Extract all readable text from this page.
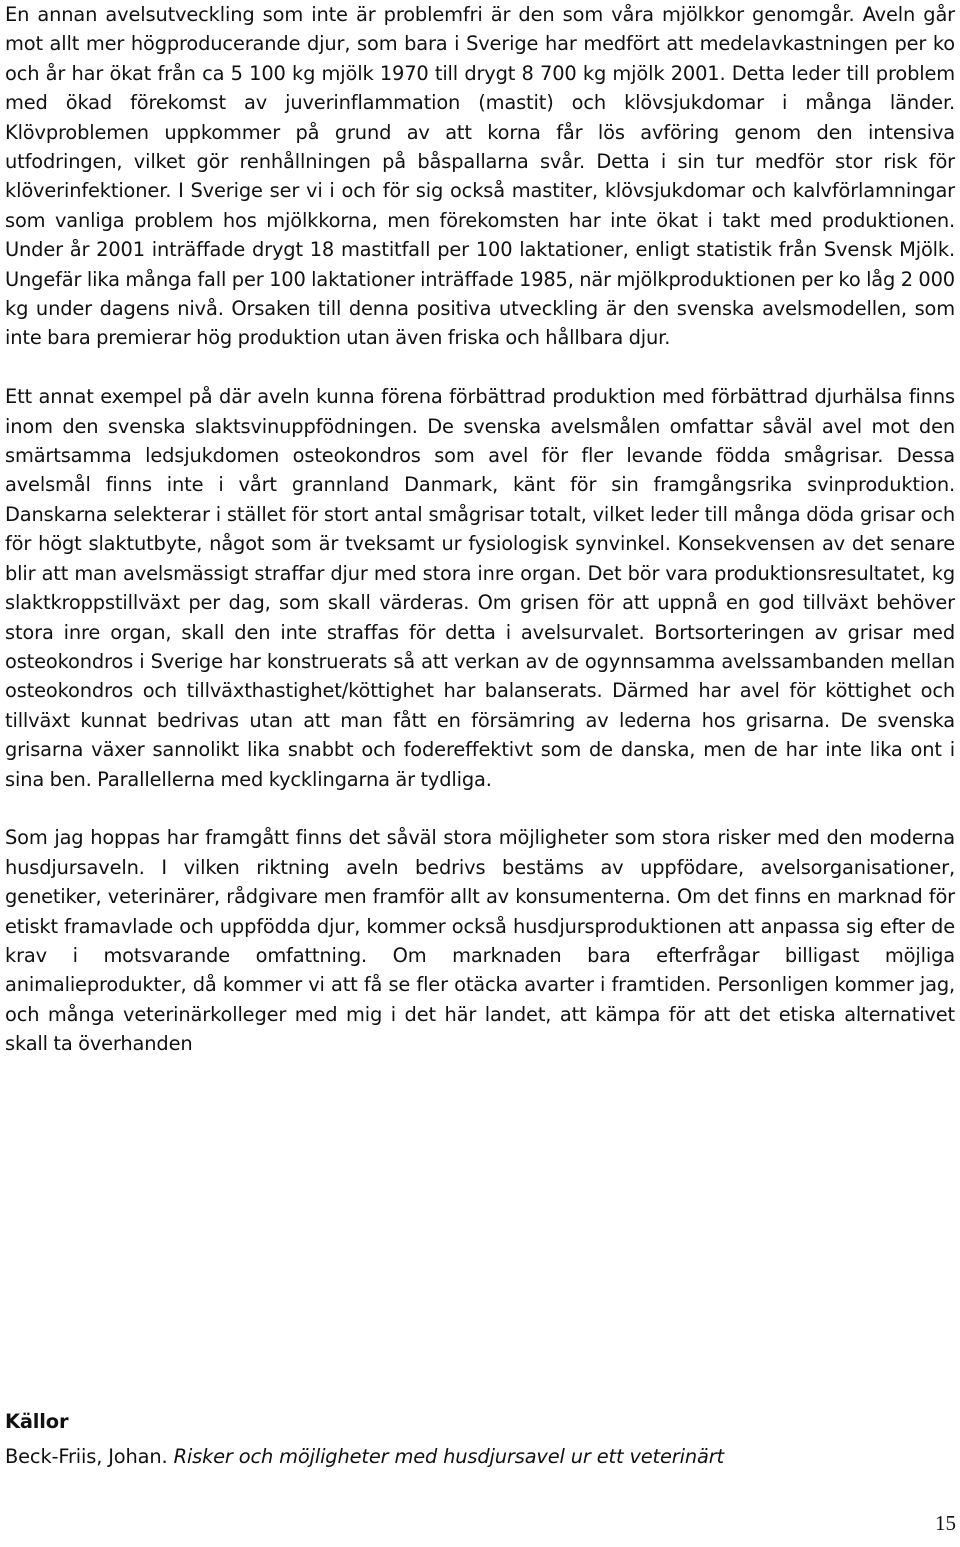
En annan avelsutveckling som inte är problemfri är den som våra mjölkkor genomgår. Aveln går mot allt mer högproducerande djur, som bara i Sverige har medfört att medelavkastningen per ko och år har ökat från ca 5 100 kg mjölk 1970 till drygt 8 700 kg mjölk 2001. Detta leder till problem med ökad förekomst av juverinflammation (mastit) och klövsjukdomar i många länder. Klövproblemen uppkommer på grund av att korna får lös avföring genom den intensiva utfodringen, vilket gör renhållningen på båspallarna svår. Detta i sin tur medför stor risk för klöverinfektioner. I Sverige ser vi i och för sig också mastiter, klövsjukdomar och kalvförlamningar som vanliga problem hos mjölkkorna, men förekomsten har inte ökat i takt med produktionen. Under år 2001 inträffade drygt 18 mastitfall per 100 laktationer, enligt statistik från Svensk Mjölk. Ungefär lika många fall per 100 laktationer inträffade 1985, när mjölkproduktionen per ko låg 2 000 kg under dagens nivå. Orsaken till denna positiva utveckling är den svenska avelsmodellen, som inte bara premierar hög produktion utan även friska och hållbara djur.

Ett annat exempel på där aveln kunna förena förbättrad produktion med förbättrad djurhälsa finns inom den svenska slaktsvinuppfödningen. De svenska avelsmålen omfattar såväl avel mot den smärtsamma ledsjukdomen osteokondros som avel för fler levande födda smågrisar. Dessa avelsmål finns inte i vårt grannland Danmark, känt för sin framgångsrika svinproduktion. Danskarna selekterar i stället för stort antal smågrisar totalt, vilket leder till många döda grisar och för högt slaktutbyte, något som är tveksamt ur fysiologisk synvinkel. Konsekvensen av det senare blir att man avelsmässigt straffar djur med stora inre organ. Det bör vara produktionsresultatet, kg slaktkroppstillväxt per dag, som skall värderas. Om grisen för att uppnå en god tillväxt behöver stora inre organ, skall den inte straffas för detta i avelsurvalet. Bortsorteringen av grisar med osteokondros i Sverige har konstruerats så att verkan av de ogynnsamma avelssambanden mellan osteokondros och tillväxthastighet/köttighet har balanserats. Därmed har avel för köttighet och tillväxt kunnat bedrivas utan att man fått en försämring av lederna hos grisarna. De svenska grisarna växer sannolikt lika snabbt och fodereffektivt som de danska, men de har inte lika ont i sina ben. Parallellerna med kycklingarna är tydliga.

Som jag hoppas har framgått finns det såväl stora möjligheter som stora risker med den moderna husdjursaveln. I vilken riktning aveln bedrivs bestäms av uppfödare, avelsorganisationer, genetiker, veterinärer, rådgivare men framför allt av konsumenterna. Om det finns en marknad för etiskt framavlade och uppfödda djur, kommer också husdjursproduktionen att anpassa sig efter de krav i motsvarande omfattning. Om marknaden bara efterfrågar billigast möjliga animalieprodukter, då kommer vi att få se fler otäcka avarter i framtiden. Personligen kommer jag, och många veterinärkolleger med mig i det här landet, att kämpa för att det etiska alternativet skall ta överhanden

Källor

Beck-Friis, Johan. Risker och möjligheter med husdjursavel ur ett veterinärt

15
